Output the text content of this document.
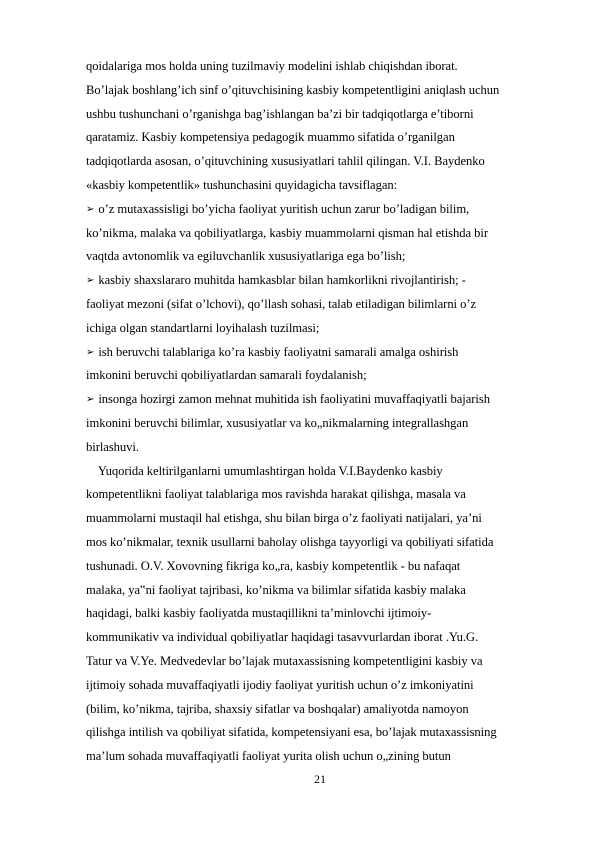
qoidalariga mos holda uning tuzilmaviy modelini ishlab chiqishdan iborat.
Bo’lajak boshlang’ich sinf o’qituvchisining kasbiy kompetentligini aniqlash uchun
ushbu tushunchani o’rganishga bag’ishlangan ba’zi bir tadqiqotlarga e’tiborni
qaratamiz. Kasbiy kompetensiya pedagogik muammo sifatida o’rganilgan
tadqiqotlarda asosan, o’qituvchining xususiyatlari tahlil qilingan. V.I. Baydenko
«kasbiy kompetentlik» tushunchasini quyidagicha tavsiflagan:
➢ o’z mutaxassisligi bo’yicha faoliyat yuritish uchun zarur bo’ladigan bilim,
ko’nikma, malaka va qobiliyatlarga, kasbiy muammolarni qisman hal etishda bir
vaqtda avtonomlik va egiluvchanlik xususiyatlariga ega bo’lish;
➢ kasbiy shaxslararo muhitda hamkasblar bilan hamkorlikni rivojlantirish; -
faoliyat mezoni (sifat o’lchovi), qo’llash sohasi, talab etiladigan bilimlarni o’z
ichiga olgan standartlarni loyihalash tuzilmasi;
➢ ish beruvchi talablariga ko’ra kasbiy faoliyatni samarali amalga oshirish
imkonini beruvchi qobiliyatlardan samarali foydalanish;
➢ insonga hozirgi zamon mehnat muhitida ish faoliyatini muvaffaqiyatli bajarish
imkonini beruvchi bilimlar, xususiyatlar va ko„nikmalarning integrallashgan
birlashuvi.
Yuqorida keltirilganlarni umumlashtirgan holda V.I.Baydenko kasbiy
kompetentlikni faoliyat talablariga mos ravishda harakat qilishga, masala va
muammolarni mustaqil hal etishga, shu bilan birga o’z faoliyati natijalari, ya’ni
mos ko’nikmalar, texnik usullarni baholay olishga tayyorligi va qobiliyati sifatida
tushunadi. O.V. Xovovning fikriga ko„ra, kasbiy kompetentlik - bu nafaqat
malaka, ya‟ni faoliyat tajribasi, ko’nikma va bilimlar sifatida kasbiy malaka
haqidagi, balki kasbiy faoliyatda mustaqillikni ta’minlovchi ijtimoiy-
kommunikativ va individual qobiliyatlar haqidagi tasavvurlardan iborat .Yu.G.
Tatur va V.Ye. Medvedevlar bo’lajak mutaxassisning kompetentligini kasbiy va
ijtimoiy sohada muvaffaqiyatli ijodiy faoliyat yuritish uchun o’z imkoniyatini
(bilim, ko’nikma, tajriba, shaxsiy sifatlar va boshqalar) amaliyotda namoyon
qilishga intilish va qobiliyat sifatida, kompetensiyani esa, bo’lajak mutaxassisning
ma’lum sohada muvaffaqiyatli faoliyat yurita olish uchun o„zining butun
21
